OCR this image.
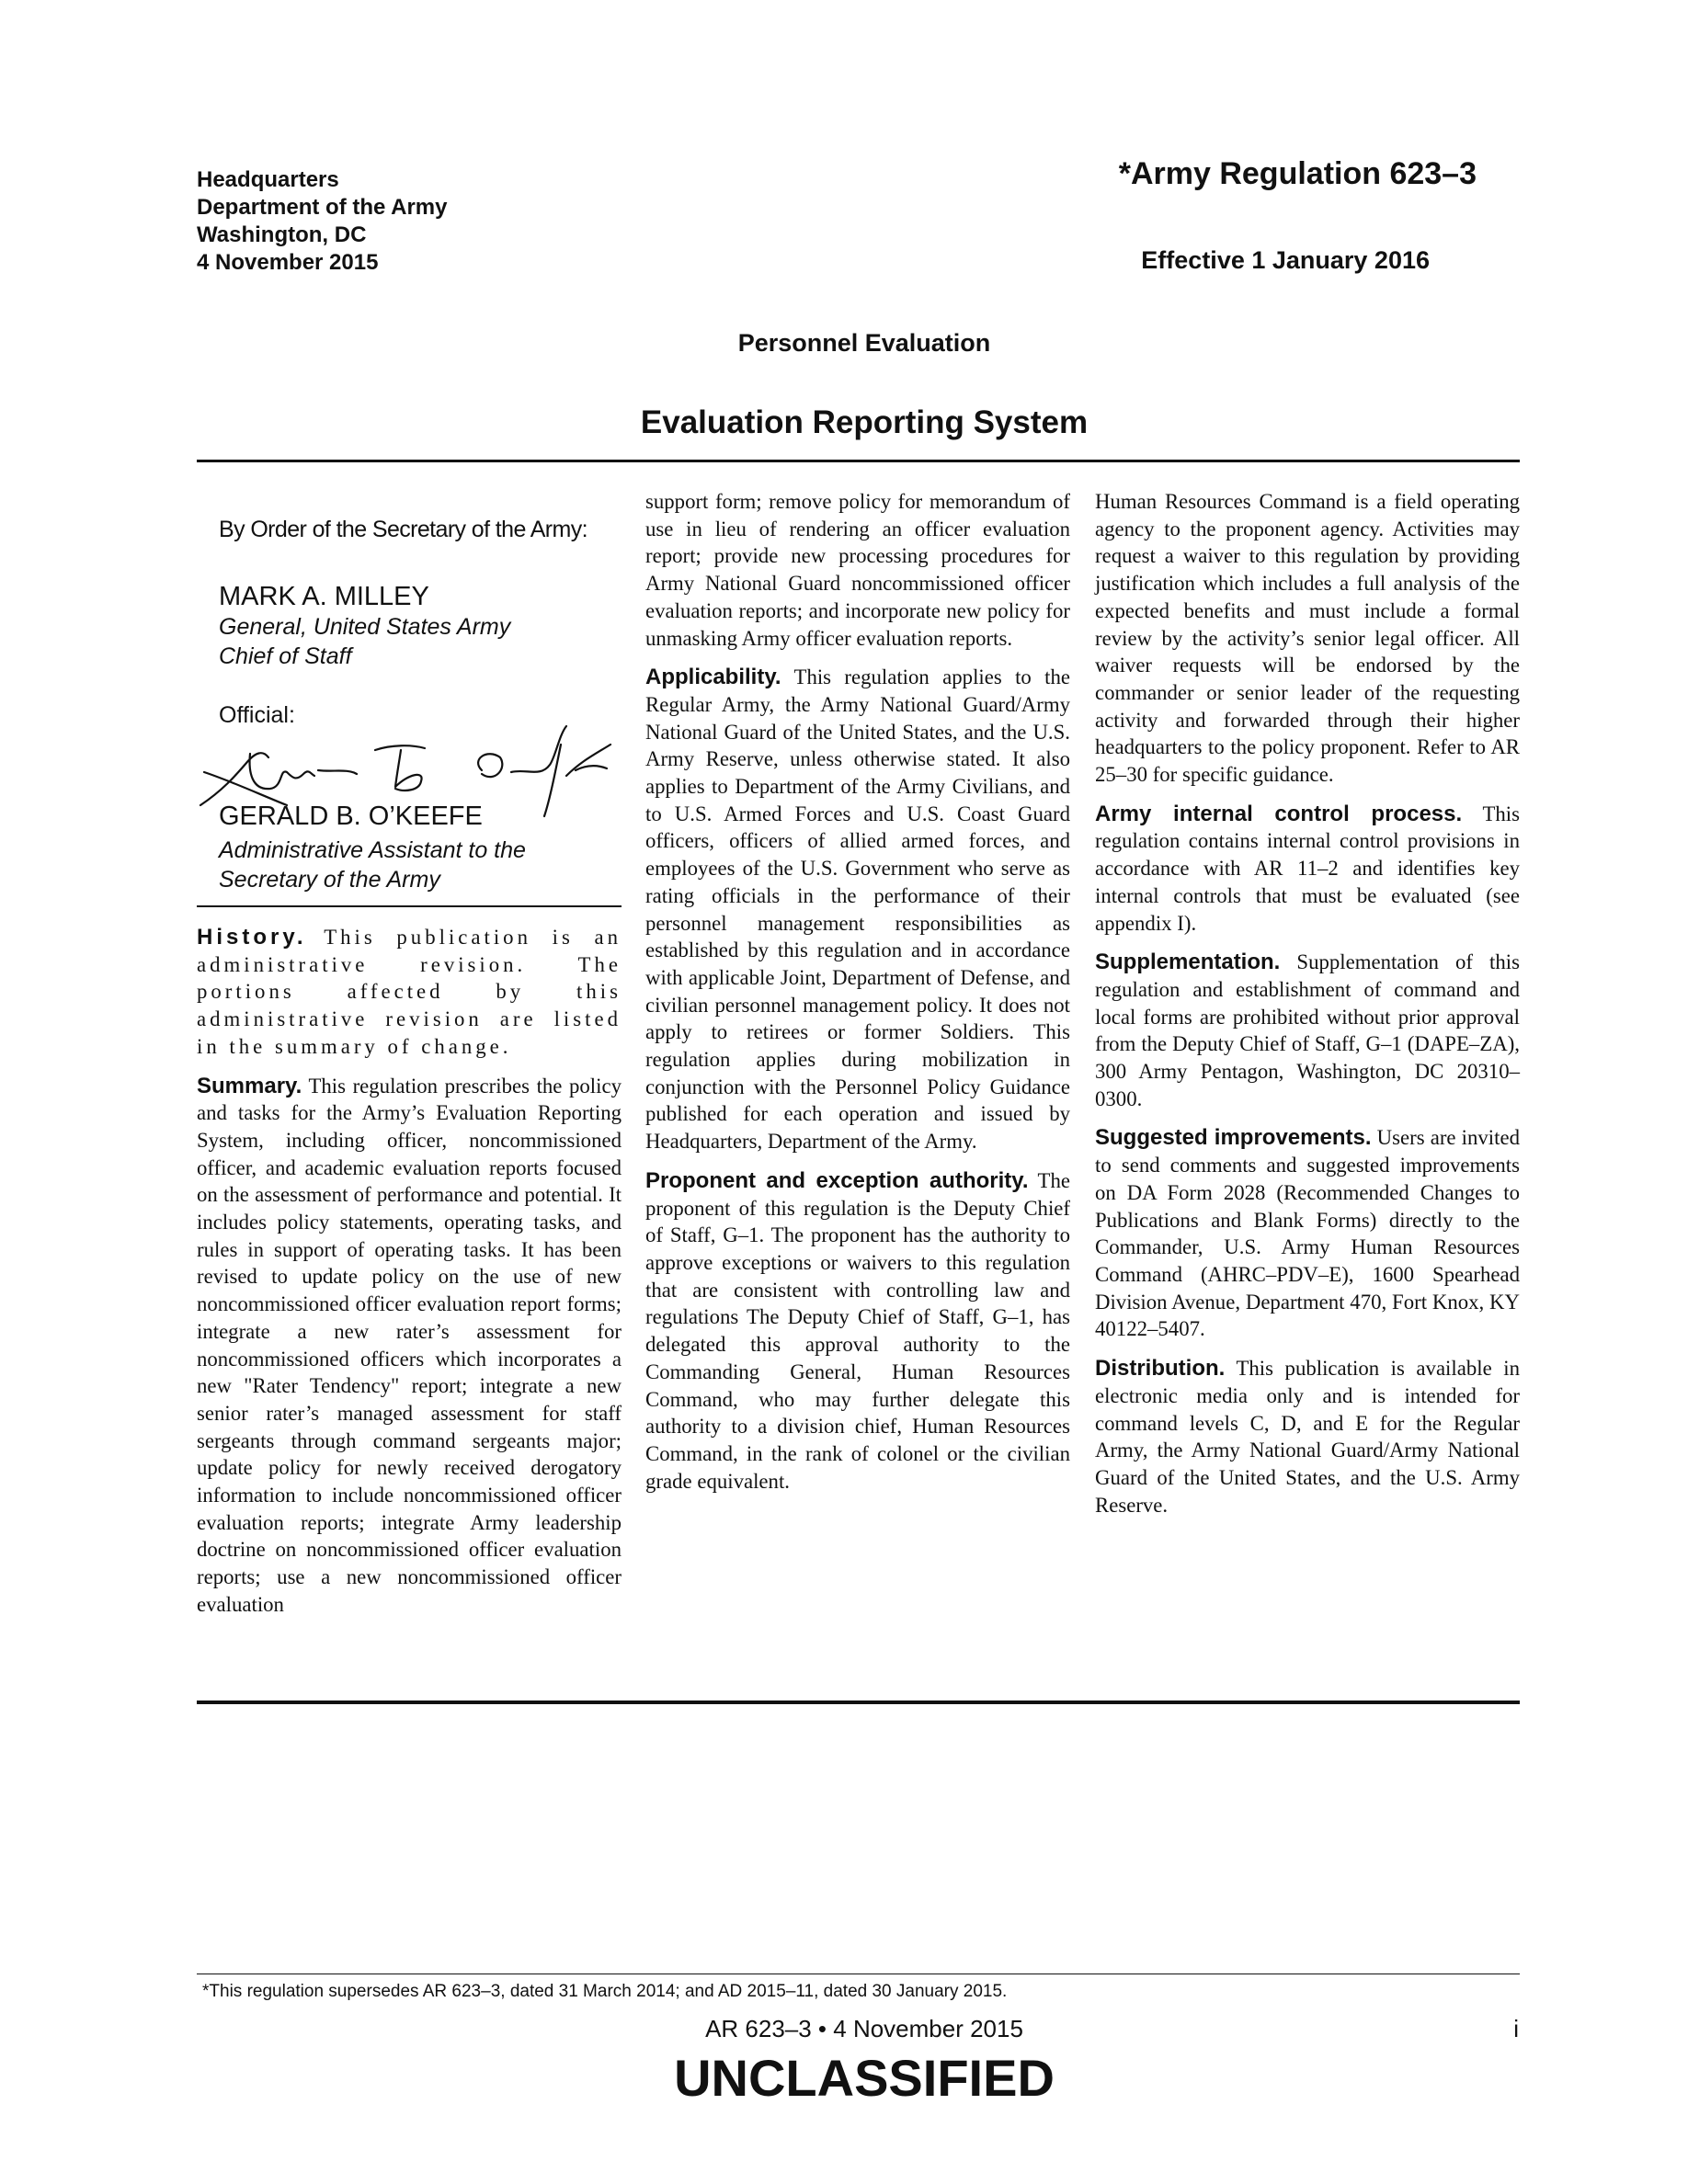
Headquarters
Department of the Army
Washington, DC
4 November 2015
*Army Regulation 623–3
Effective 1 January 2016
Personnel Evaluation
Evaluation Reporting System
By Order of the Secretary of the Army:
MARK A. MILLEY
General, United States Army
Chief of Staff
Official:
GERALD B. O’KEEFE
Administrative Assistant to the
Secretary of the Army

History. This publication is an administrative revision. The portions affected by this administrative revision are listed in the summary of change.

Summary. This regulation prescribes the policy and tasks for the Army’s Evaluation Reporting System, including officer, noncommissioned officer, and academic evaluation reports focused on the assessment of performance and potential. It includes policy statements, operating tasks, and rules in support of operating tasks. It has been revised to update policy on the use of new noncommissioned officer evaluation report forms; integrate a new rater’s assessment for noncommissioned officers which incorporates a new "Rater Tendency" report; integrate a new senior rater’s managed assessment for staff sergeants through command sergeants major; update policy for newly received derogatory information to include noncommissioned officer evaluation reports; integrate Army leadership doctrine on noncommissioned officer evaluation reports; use a new noncommissioned officer evaluation

support form; remove policy for memorandum of use in lieu of rendering an officer evaluation report; provide new processing procedures for Army National Guard noncommissioned officer evaluation reports; and incorporate new policy for unmasking Army officer evaluation reports.

Applicability. This regulation applies to the Regular Army, the Army National Guard/Army National Guard of the United States, and the U.S. Army Reserve, unless otherwise stated. It also applies to Department of the Army Civilians, and to U.S. Armed Forces and U.S. Coast Guard officers, officers of allied armed forces, and employees of the U.S. Government who serve as rating officials in the performance of their personnel management responsibilities as established by this regulation and in accordance with applicable Joint, Department of Defense, and civilian personnel management policy. It does not apply to retirees or former Soldiers. This regulation applies during mobilization in conjunction with the Personnel Policy Guidance published for each operation and issued by Headquarters, Department of the Army.

Proponent and exception authority. The proponent of this regulation is the Deputy Chief of Staff, G–1. The proponent has the authority to approve exceptions or waivers to this regulation that are consistent with controlling law and regulations The Deputy Chief of Staff, G–1, has delegated this approval authority to the Commanding General, Human Resources Command, who may further delegate this authority to a division chief, Human Resources Command, in the rank of colonel or the civilian grade equivalent.

Human Resources Command is a field operating agency to the proponent agency. Activities may request a waiver to this regulation by providing justification which includes a full analysis of the expected benefits and must include a formal review by the activity’s senior legal officer. All waiver requests will be endorsed by the commander or senior leader of the requesting activity and forwarded through their higher headquarters to the policy proponent. Refer to AR 25–30 for specific guidance.

Army internal control process. This regulation contains internal control provisions in accordance with AR 11–2 and identifies key internal controls that must be evaluated (see appendix I).

Supplementation. Supplementation of this regulation and establishment of command and local forms are prohibited without prior approval from the Deputy Chief of Staff, G–1 (DAPE–ZA), 300 Army Pentagon, Washington, DC 20310–0300.

Suggested improvements. Users are invited to send comments and suggested improvements on DA Form 2028 (Recommended Changes to Publications and Blank Forms) directly to the Commander, U.S. Army Human Resources Command (AHRC–PDV–E), 1600 Spearhead Division Avenue, Department 470, Fort Knox, KY 40122–5407.

Distribution. This publication is available in electronic media only and is intended for command levels C, D, and E for the Regular Army, the Army National Guard/Army National Guard of the United States, and the U.S. Army Reserve.

*This regulation supersedes AR 623–3, dated 31 March 2014; and AD 2015–11, dated 30 January 2015.
AR 623–3 • 4 November 2015	i
UNCLASSIFIED
